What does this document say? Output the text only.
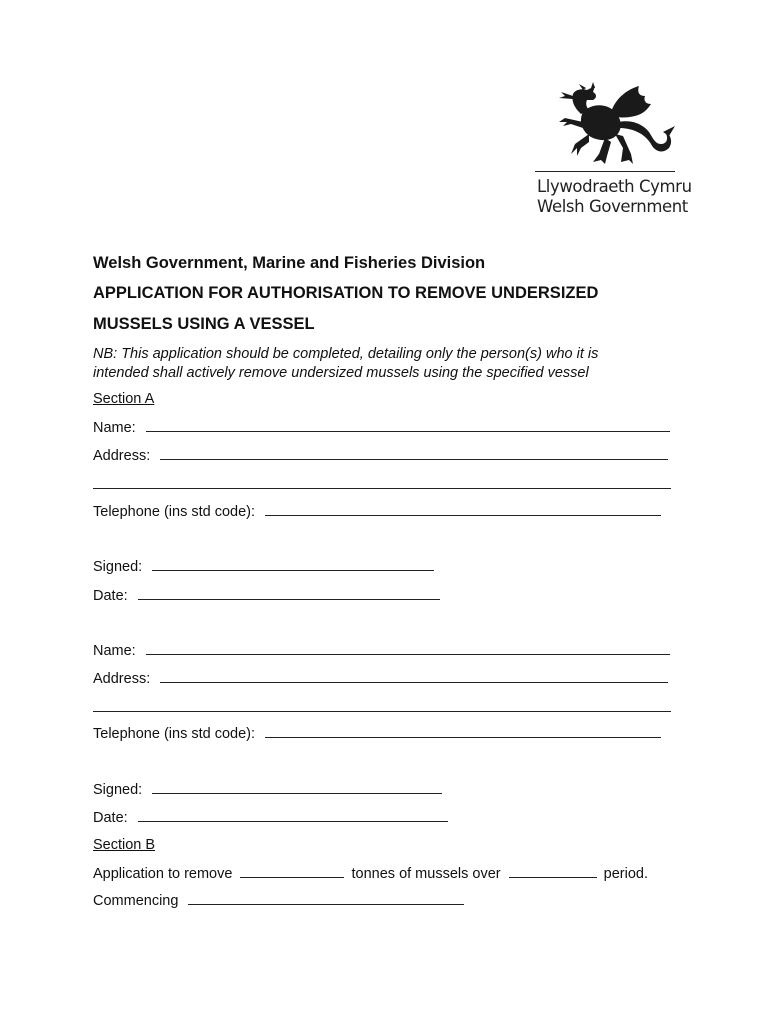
Llywodraeth Cymru
Welsh Government
Welsh Government, Marine and Fisheries Division
APPLICATION FOR AUTHORISATION TO REMOVE UNDERSIZED
MUSSELS USING A VESSEL
NB: This application should be completed, detailing only the person(s) who it is
intended shall actively remove undersized mussels using the specified vessel
Section A
Name:
Address:
Telephone (ins std code):
Signed:
Date:
Name:
Address:
Telephone (ins std code):
Signed:
Date:
Section B
Application to remove	tonnes of mussels over	period.
Commencing
